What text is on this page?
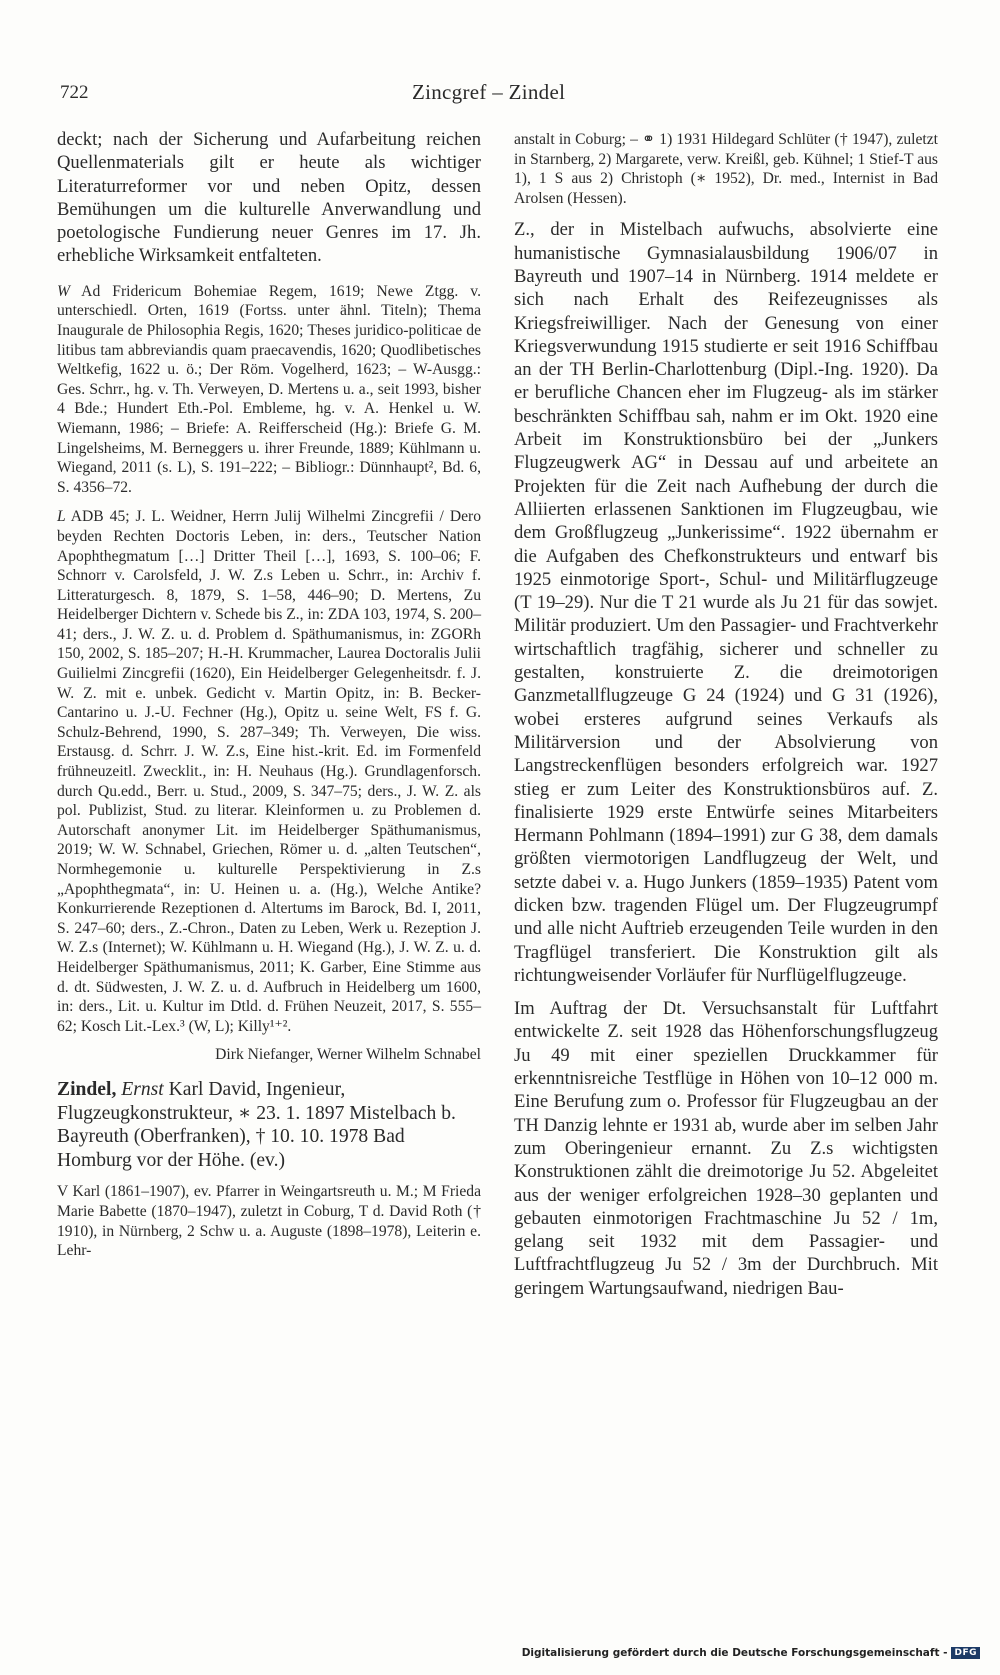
722	Zincgref – Zindel

deckt; nach der Sicherung und Aufarbeitung reichen Quellenmaterials gilt er heute als wichtiger Literaturreformer vor und neben Opitz, dessen Bemühungen um die kulturelle Anverwandlung und poetologische Fundierung neuer Genres im 17. Jh. erhebliche Wirksamkeit entfalteten.

W Ad Fridericum Bohemiae Regem, 1619; Newe Ztgg. v. unterschiedl. Orten, 1619 (Fortss. unter ähnl. Titeln); Thema Inaugurale de Philosophia Regis, 1620; Theses juridico-politicae de litibus tam abbreviandis quam praecavendis, 1620; Quodlibetisches Weltkefig, 1622 u. ö.; Der Röm. Vogelherd, 1623; – W-Ausgg.: Ges. Schrr., hg. v. Th. Verweyen, D. Mertens u. a., seit 1993, bisher 4 Bde.; Hundert Eth.-Pol. Embleme, hg. v. A. Henkel u. W. Wiemann, 1986; – Briefe: A. Reifferscheid (Hg.): Briefe G. M. Lingelsheims, M. Berneggers u. ihrer Freunde, 1889; Kühlmann u. Wiegand, 2011 (s. L), S. 191–222; – Bibliogr.: Dünnhaupt², Bd. 6, S. 4356–72.

L ADB 45; J. L. Weidner, Herrn Julij Wilhelmi Zincgrefii / Dero beyden Rechten Doctoris Leben, in: ders., Teutscher Nation Apophthegmatum […] Dritter Theil […], 1693, S. 100–06; F. Schnorr v. Carolsfeld, J. W. Z.s Leben u. Schrr., in: Archiv f. Litteraturgesch. 8, 1879, S. 1–58, 446–90; D. Mertens, Zu Heidelberger Dichtern v. Schede bis Z., in: ZDA 103, 1974, S. 200–41; ders., J. W. Z. u. d. Problem d. Späthumanismus, in: ZGORh 150, 2002, S. 185–207; H.-H. Krummacher, Laurea Doctoralis Julii Guilielmi Zincgrefii (1620), Ein Heidelberger Gelegenheitsdr. f. J. W. Z. mit e. unbek. Gedicht v. Martin Opitz, in: B. Becker-Cantarino u. J.-U. Fechner (Hg.), Opitz u. seine Welt, FS f. G. Schulz-Behrend, 1990, S. 287–349; Th. Verweyen, Die wiss. Erstausg. d. Schrr. J. W. Z.s, Eine hist.-krit. Ed. im Formenfeld frühneuzeitl. Zwecklit., in: H. Neuhaus (Hg.). Grundlagenforsch. durch Qu.edd., Berr. u. Stud., 2009, S. 347–75; ders., J. W. Z. als pol. Publizist, Stud. zu literar. Kleinformen u. zu Problemen d. Autorschaft anonymer Lit. im Heidelberger Späthumanismus, 2019; W. W. Schnabel, Griechen, Römer u. d. „alten Teutschen“, Normhegemonie u. kulturelle Perspektivierung in Z.s „Apophthegmata“, in: U. Heinen u. a. (Hg.), Welche Antike? Konkurrierende Rezeptionen d. Altertums im Barock, Bd. I, 2011, S. 247–60; ders., Z.-Chron., Daten zu Leben, Werk u. Rezeption J. W. Z.s (Internet); W. Kühlmann u. H. Wiegand (Hg.), J. W. Z. u. d. Heidelberger Späthumanismus, 2011; K. Garber, Eine Stimme aus d. dt. Südwesten, J. W. Z. u. d. Aufbruch in Heidelberg um 1600, in: ders., Lit. u. Kultur im Dtld. d. Frühen Neuzeit, 2017, S. 555–62; Kosch Lit.-Lex.³ (W, L); Killy¹⁺².

Dirk Niefanger, Werner Wilhelm Schnabel

Zindel, Ernst Karl David, Ingenieur, Flugzeugkonstrukteur, ∗ 23. 1. 1897 Mistelbach b. Bayreuth (Oberfranken), † 10. 10. 1978 Bad Homburg vor der Höhe. (ev.)

V Karl (1861–1907), ev. Pfarrer in Weingartsreuth u. M.; M Frieda Marie Babette (1870–1947), zuletzt in Coburg, T d. David Roth († 1910), in Nürnberg, 2 Schw u. a. Auguste (1898–1978), Leiterin e. Lehr-

anstalt in Coburg; – ⚭ 1) 1931 Hildegard Schlüter († 1947), zuletzt in Starnberg, 2) Margarete, verw. Kreißl, geb. Kühnel; 1 Stief-T aus 1), 1 S aus 2) Christoph (∗ 1952), Dr. med., Internist in Bad Arolsen (Hessen).

Z., der in Mistelbach aufwuchs, absolvierte eine humanistische Gymnasialausbildung 1906/07 in Bayreuth und 1907–14 in Nürnberg. 1914 meldete er sich nach Erhalt des Reifezeugnisses als Kriegsfreiwilliger. Nach der Genesung von einer Kriegsverwundung 1915 studierte er seit 1916 Schiffbau an der TH Berlin-Charlottenburg (Dipl.-Ing. 1920). Da er berufliche Chancen eher im Flugzeug- als im stärker beschränkten Schiffbau sah, nahm er im Okt. 1920 eine Arbeit im Konstruktionsbüro bei der „Junkers Flugzeugwerk AG“ in Dessau auf und arbeitete an Projekten für die Zeit nach Aufhebung der durch die Alliierten erlassenen Sanktionen im Flugzeugbau, wie dem Großflugzeug „Junkerissime“. 1922 übernahm er die Aufgaben des Chefkonstrukteurs und entwarf bis 1925 einmotorige Sport-, Schul- und Militärflugzeuge (T 19–29). Nur die T 21 wurde als Ju 21 für das sowjet. Militär produziert. Um den Passagier- und Frachtverkehr wirtschaftlich tragfähig, sicherer und schneller zu gestalten, konstruierte Z. die dreimotorigen Ganzmetallflugzeuge G 24 (1924) und G 31 (1926), wobei ersteres aufgrund seines Verkaufs als Militärversion und der Absolvierung von Langstreckenflügen besonders erfolgreich war. 1927 stieg er zum Leiter des Konstruktionsbüros auf. Z. finalisierte 1929 erste Entwürfe seines Mitarbeiters Hermann Pohlmann (1894–1991) zur G 38, dem damals größten viermotorigen Landflugzeug der Welt, und setzte dabei v. a. Hugo Junkers (1859–1935) Patent vom dicken bzw. tragenden Flügel um. Der Flugzeugrumpf und alle nicht Auftrieb erzeugenden Teile wurden in den Tragflügel transferiert. Die Konstruktion gilt als richtungweisender Vorläufer für Nurflügelflugzeuge.

Im Auftrag der Dt. Versuchsanstalt für Luftfahrt entwickelte Z. seit 1928 das Höhenforschungsflugzeug Ju 49 mit einer speziellen Druckkammer für erkenntnisreiche Testflüge in Höhen von 10–12 000 m. Eine Berufung zum o. Professor für Flugzeugbau an der TH Danzig lehnte er 1931 ab, wurde aber im selben Jahr zum Oberingenieur ernannt. Zu Z.s wichtigsten Konstruktionen zählt die dreimotorige Ju 52. Abgeleitet aus der weniger erfolgreichen 1928–30 geplanten und gebauten einmotorigen Frachtmaschine Ju 52 / 1m, gelang seit 1932 mit dem Passagier- und Luftfrachtflugzeug Ju 52 / 3m der Durchbruch. Mit geringem Wartungsaufwand, niedrigen Bau-

Digitalisierung gefördert durch die Deutsche Forschungsgemeinschaft - DFG
